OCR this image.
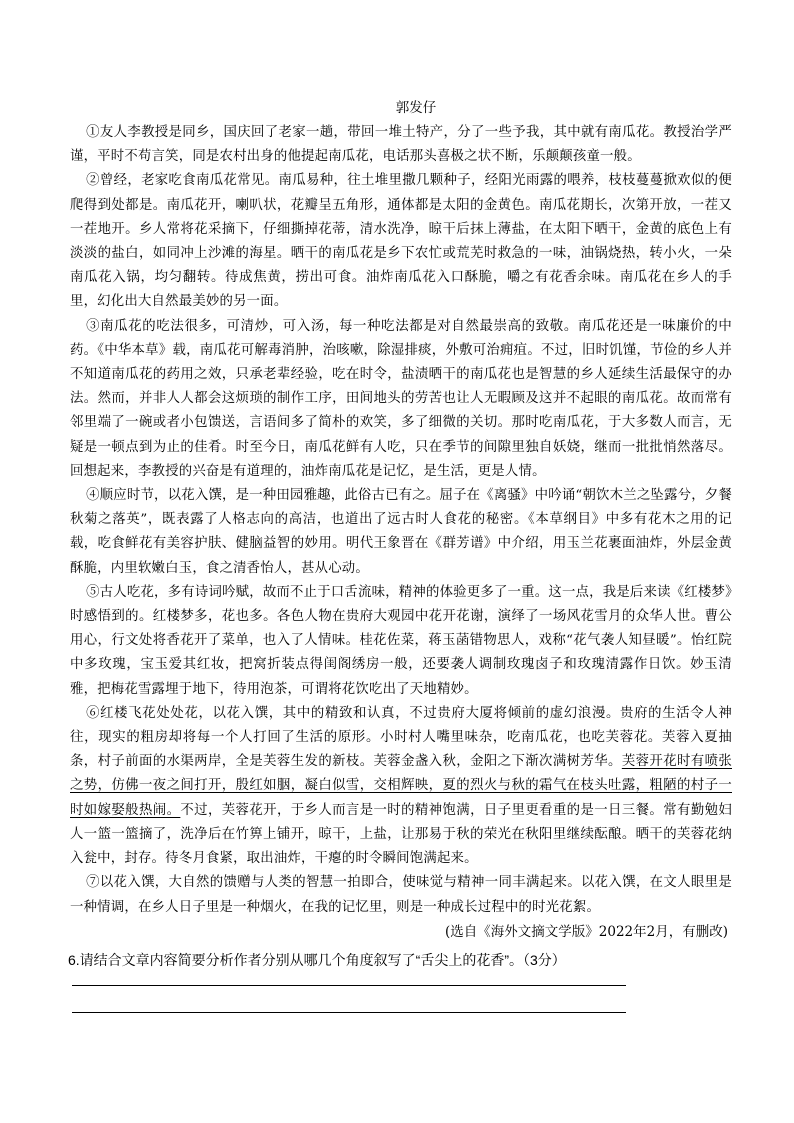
郭发仔

①友人李教授是同乡，国庆回了老家一趟，带回一堆土特产，分了一些予我，其中就有南瓜花。教授治学严谨，平时不苟言笑，同是农村出身的他提起南瓜花，电话那头喜极之状不断，乐颠颠孩童一般。

②曾经，老家吃食南瓜花常见。南瓜易种，往土堆里撒几颗种子，经阳光雨露的喂养，枝枝蔓蔓掀欢似的便爬得到处都是。南瓜花开，喇叭状，花瓣呈五角形，通体都是太阳的金黄色。南瓜花期长，次第开放，一茬又一茬地开。乡人常将花采摘下，仔细撕掉花蒂，清水洗净，晾干后抹上薄盐，在太阳下晒干，金黄的底色上有淡淡的盐白，如同冲上沙滩的海星。晒干的南瓜花是乡下农忙或荒芜时救急的一味，油锅烧热，转小火，一朵南瓜花入锅，均匀翻转。待成焦黄，捞出可食。油炸南瓜花入口酥脆，嚼之有花香余味。南瓜花在乡人的手里，幻化出大自然最美妙的另一面。

③南瓜花的吃法很多，可清炒，可入汤，每一种吃法都是对自然最崇高的致敬。南瓜花还是一味廉价的中药。《中华本草》载，南瓜花可解毒消肿，治咳嗽，除湿排痰，外敷可治痈疽。不过，旧时饥馑，节俭的乡人并不知道南瓜花的药用之效，只承老辈经验，吃在时令，盐渍晒干的南瓜花也是智慧的乡人延续生活最保守的办法。然而，并非人人都会这烦琐的制作工序，田间地头的劳苦也让人无暇顾及这并不起眼的南瓜花。故而常有邻里端了一碗或者小包馈送，言语间多了简朴的欢笑，多了细微的关切。那时吃南瓜花，于大多数人而言，无疑是一顿点到为止的佳肴。时至今日，南瓜花鲜有人吃，只在季节的间隙里独自妖娆，继而一批批悄然落尽。回想起来，李教授的兴奋是有道理的，油炸南瓜花是记忆，是生活，更是人情。

④顺应时节，以花入馔，是一种田园雅趣，此俗古已有之。屈子在《离骚》中吟诵“朝饮木兰之坠露兮，夕餐秋菊之落英”，既表露了人格志向的高洁，也道出了远古时人食花的秘密。《本草纲目》中多有花木之用的记载，吃食鲜花有美容护肤、健脑益智的妙用。明代王象晋在《群芳谱》中介绍，用玉兰花裹面油炸，外层金黄酥脆，内里软嫩白玉，食之清香怡人，甚从心动。

⑤古人吃花，多有诗词吟赋，故而不止于口舌流味，精神的体验更多了一重。这一点，我是后来读《红楼梦》时感悟到的。红楼梦多，花也多。各色人物在贵府大观园中花开花谢，演绎了一场风花雪月的众华人世。曹公用心，行文处将香花开了菜单，也入了人情味。桂花佐菜，蒋玉菡错物思人，戏称“花气袭人知昼暖”。怡红院中多玫瑰，宝玉爱其红妆，把窝折装点得闺阁绣房一般，还要袭人调制玫瑰卤子和玫瑰清露作日饮。妙玉清雅，把梅花雪露埋于地下，待用泡茶，可谓将花饮吃出了天地精妙。

⑥红楼飞花处处花，以花入馔，其中的精致和认真，不过贵府大厦将倾前的虚幻浪漫。贵府的生活令人神往，现实的粗房却将每一个人打回了生活的原形。小时村人嘴里味杂，吃南瓜花，也吃芙蓉花。芙蓉入夏抽条，村子前面的水渠两岸，全是芙蓉生发的新枝。芙蓉金盏入秋，金阳之下渐次满树芳华。芙蓉开花时有喷张之势，仿佛一夜之间打开，殷红如胭，凝白似雪，交相辉映，夏的烈火与秋的霜气在枝头吐露，粗陋的村子一时如嫁娶般热闹。不过，芙蓉花开，于乡人而言是一时的精神饱满，日子里更看重的是一日三餐。常有勤勉妇人一篮一篮摘了，洗净后在竹箅上铺开，晾干，上盐，让那易于秋的荣光在秋阳里继续酝酿。晒干的芙蓉花纳入瓮中，封存。待冬月食紧，取出油炸，干瘪的时令瞬间饱满起来。

⑦以花入馔，大自然的馈赠与人类的智慧一拍即合，使味觉与精神一同丰满起来。以花入馔，在文人眼里是一种情调，在乡人日子里是一种烟火，在我的记忆里，则是一种成长过程中的时光花絮。

(选自《海外文摘文学版》2022年2月，有删改)

6.请结合文章内容简要分析作者分别从哪几个角度叙写了“舌尖上的花香”。（3分）
